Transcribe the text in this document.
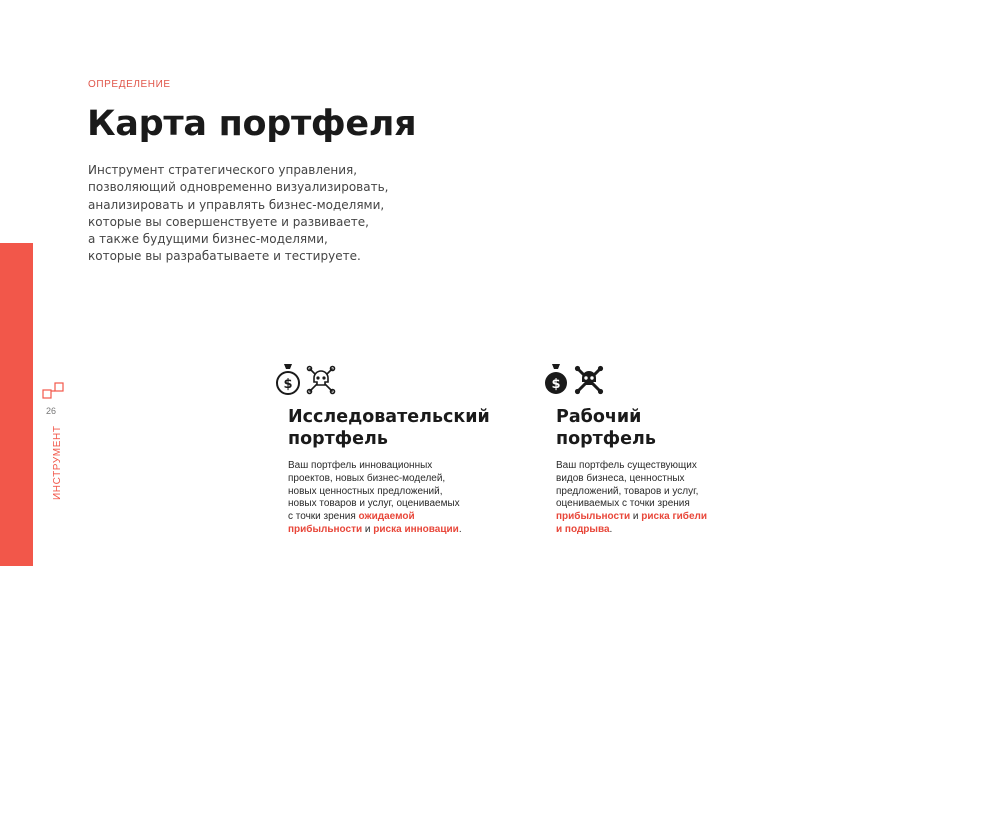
26
ИНСТРУМЕНТ
ОПРЕДЕЛЕНИЕ
Карта портфеля
Инструмент стратегического управления,
позволяющий одновременно визуализировать,
анализировать и управлять бизнес-моделями,
которые вы совершенствуете и развиваете,
а также будущими бизнес-моделями,
которые вы разрабатываете и тестируете.
$
Исследовательский
портфель
Ваш портфель инновационных
проектов, новых бизнес-моделей,
новых ценностных предложений,
новых товаров и услуг, оцениваемых
с точки зрения ожидаемой
прибыльности и риска инновации.
$
Рабочий
портфель
Ваш портфель существующих
видов бизнеса, ценностных
предложений, товаров и услуг,
оцениваемых с точки зрения
прибыльности и риска гибели
и подрыва.
